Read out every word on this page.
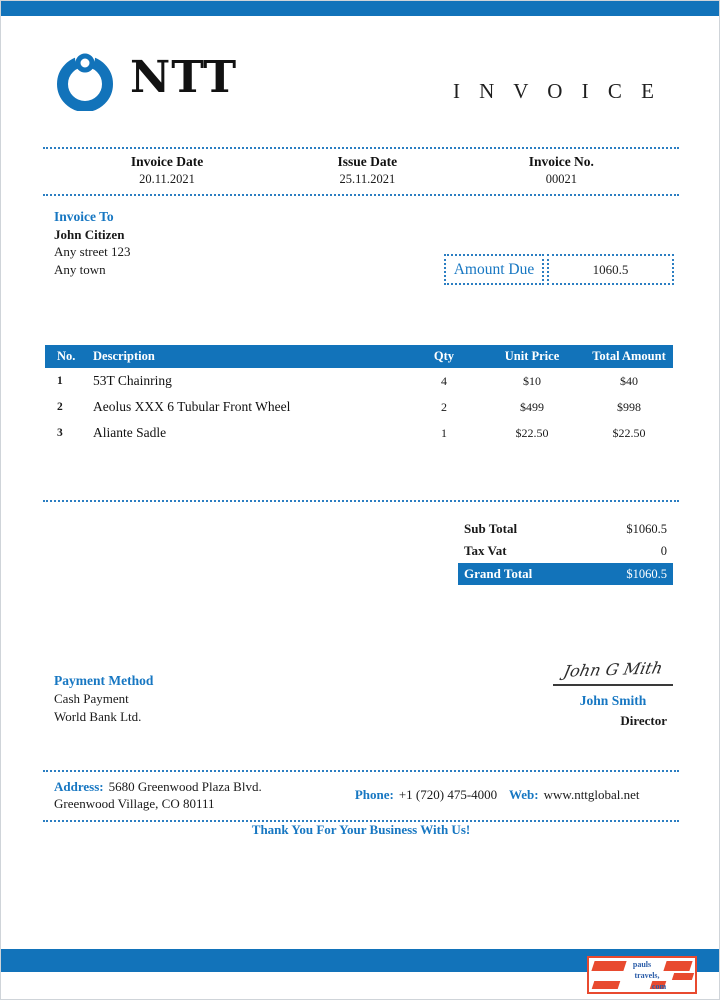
NTT	I N V O I C E
Invoice Date
20.11.2021
Issue Date
25.11.2021
Invoice No.
00021
Invoice To
John Citizen
Any street 123
Any town	Amount Due	1060.5
No.	Description	Qty	Unit Price	Total Amount
1	53T Chainring	4	$10	$40
2	Aeolus XXX 6 Tubular Front Wheel	2	$499	$998
3	Aliante Sadle	1	$22.50	$22.50
Sub Total	$1060.5
Tax Vat	0
Grand Total	$1060.5
Payment Method
Cash Payment
World Bank Ltd.
John G Mith
John Smith
Director
Address: 5680 Greenwood Plaza Blvd.
Greenwood Village, CO 80111
Phone: +1 (720) 475-4000 Web: www.nttglobal.net
Thank You For Your Business With Us!
pauls
travels,
com
